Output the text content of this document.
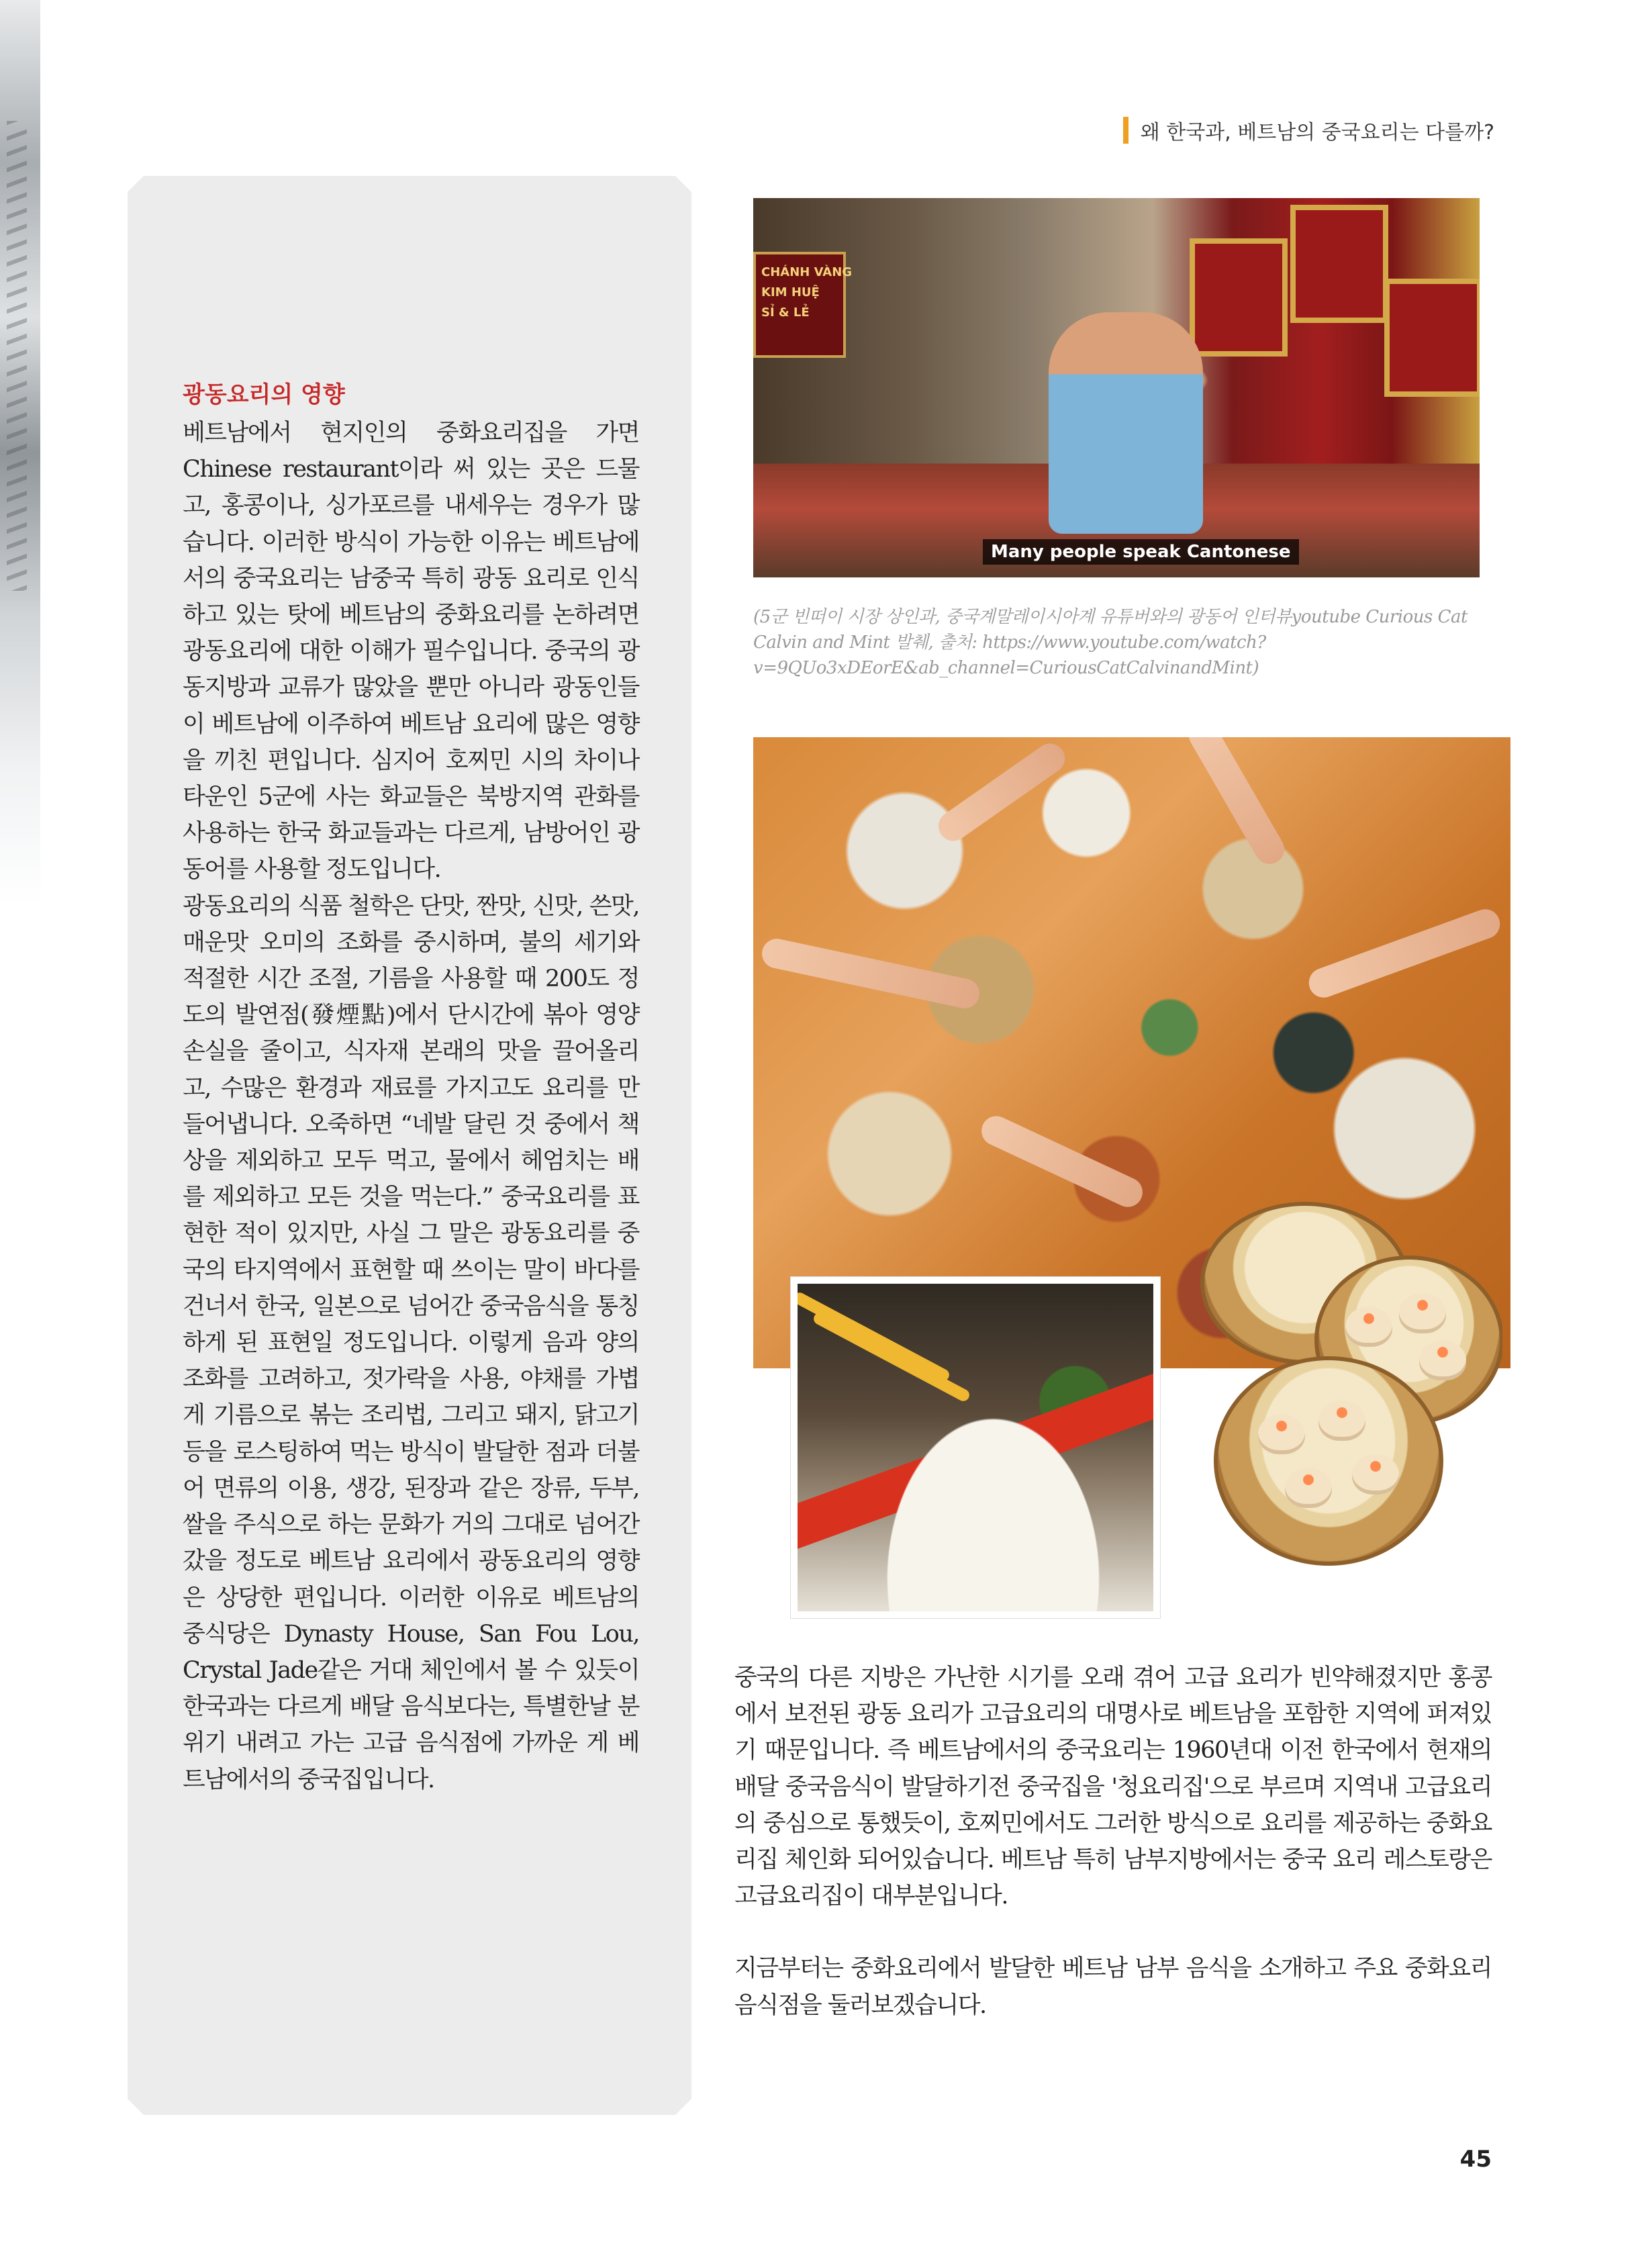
왜 한국과, 베트남의 중국요리는 다를까?
광동요리의 영향

베트남에서 현지인의 중화요리집을 가면 Chinese restaurant이라 써 있는 곳은 드물고, 홍콩이나, 싱가포르를 내세우는 경우가 많습니다. 이러한 방식이 가능한 이유는 베트남에서의 중국요리는 남중국 특히 광동 요리로 인식하고 있는 탓에 베트남의 중화요리를 논하려면 광동요리에 대한 이해가 필수입니다. 중국의 광동지방과 교류가 많았을 뿐만 아니라 광동인들이 베트남에 이주하여 베트남 요리에 많은 영향을 끼친 편입니다. 심지어 호찌민 시의 차이나타운인 5군에 사는 화교들은 북방지역 관화를 사용하는 한국 화교들과는 다르게, 남방어인 광동어를 사용할 정도입니다.

광동요리의 식품 철학은 단맛, 짠맛, 신맛, 쓴맛, 매운맛 오미의 조화를 중시하며, 불의 세기와 적절한 시간 조절, 기름을 사용할 때 200도 정도의 발연점(發煙點)에서 단시간에 볶아 영양 손실을 줄이고, 식자재 본래의 맛을 끌어올리고, 수많은 환경과 재료를 가지고도 요리를 만들어냅니다. 오죽하면 “네발 달린 것 중에서 책상을 제외하고 모두 먹고, 물에서 헤엄치는 배를 제외하고 모든 것을 먹는다.” 중국요리를 표현한 적이 있지만, 사실 그 말은 광동요리를 중국의 타지역에서 표현할 때 쓰이는 말이 바다를 건너서 한국, 일본으로 넘어간 중국음식을 통칭하게 된 표현일 정도입니다. 이렇게 음과 양의 조화를 고려하고, 젓가락을 사용, 야채를 가볍게 기름으로 볶는 조리법, 그리고 돼지, 닭고기 등을 로스팅하여 먹는 방식이 발달한 점과 더불어 면류의 이용, 생강, 된장과 같은 장류, 두부, 쌀을 주식으로 하는 문화가 거의 그대로 넘어간 갔을 정도로 베트남 요리에서 광동요리의 영향은 상당한 편입니다. 이러한 이유로 베트남의 중식당은 Dynasty House, San Fou Lou, Crystal Jade같은 거대 체인에서 볼 수 있듯이 한국과는 다르게 배달 음식보다는, 특별한날 분위기 내려고 가는 고급 음식점에 가까운 게 베트남에서의 중국집입니다.

CHÁNH VÀNG
KIM HUỆ
SỈ & LẺ
Many people speak Cantonese
(5군 빈떠이 시장 상인과, 중국계말레이시아계 유튜버와의 광동어 인터뷰youtube Curious Cat Calvin and Mint 발췌, 출처: https://www.youtube.com/watch?v=9QUo3xDEorE&ab_channel=CuriousCatCalvinandMint)

중국의 다른 지방은 가난한 시기를 오래 겪어 고급 요리가 빈약해졌지만 홍콩에서 보전된 광동 요리가 고급요리의 대명사로 베트남을 포함한 지역에 퍼져있기 때문입니다. 즉 베트남에서의 중국요리는 1960년대 이전 한국에서 현재의 배달 중국음식이 발달하기전 중국집을 '청요리집'으로 부르며 지역내 고급요리의 중심으로 통했듯이, 호찌민에서도 그러한 방식으로 요리를 제공하는 중화요리집 체인화 되어있습니다. 베트남 특히 남부지방에서는 중국 요리 레스토랑은 고급요리집이 대부분입니다.

지금부터는 중화요리에서 발달한 베트남 남부 음식을 소개하고 주요 중화요리 음식점을 둘러보겠습니다.

45
